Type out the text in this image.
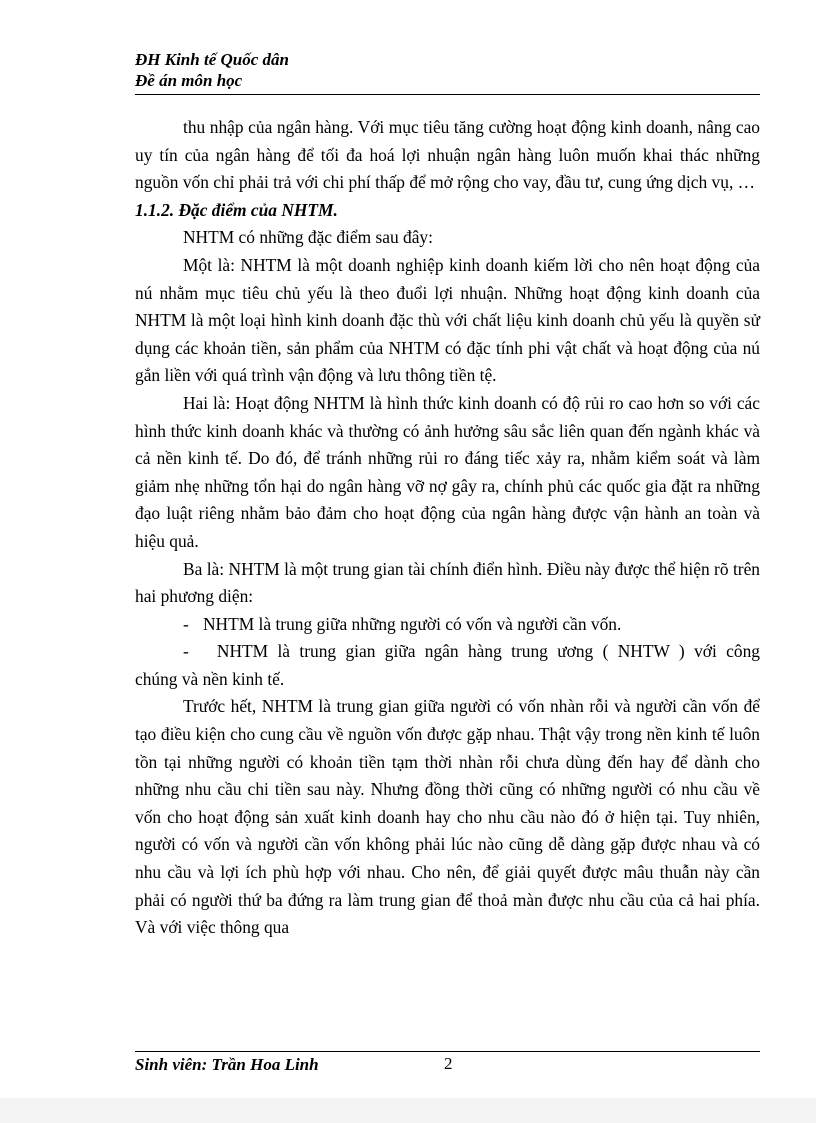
ĐH Kinh tế Quốc dân
Đề án môn học

thu nhập của ngân hàng. Với mục tiêu tăng cường hoạt động kinh doanh, nâng cao uy tín của ngân hàng để tối đa hoá lợi nhuận ngân hàng luôn muốn khai thác những nguồn vốn chỉ phải trả với chi phí thấp để mở rộng cho vay, đầu tư, cung ứng dịch vụ, …

1.1.2. Đặc điểm của NHTM.

NHTM có những đặc điểm sau đây:

Một là: NHTM là một doanh nghiệp kinh doanh kiếm lời cho nên hoạt động của nú nhằm mục tiêu chủ yếu là theo đuổi lợi nhuận. Những hoạt động kinh doanh của NHTM là một loại hình kinh doanh đặc thù với chất liệu kinh doanh chủ yếu là quyền sử dụng các khoản tiền, sản phẩm của NHTM có đặc tính phi vật chất và hoạt động của nú gắn liền với quá trình vận động và lưu thông tiền tệ.

Hai là: Hoạt động NHTM là hình thức kinh doanh có độ rủi ro cao hơn so với các hình thức kinh doanh khác và thường có ảnh hưởng sâu sắc liên quan đến ngành khác và cả nền kinh tế. Do đó, để tránh những rủi ro đáng tiếc xảy ra, nhằm kiểm soát và làm giảm nhẹ những tổn hại do ngân hàng vỡ nợ gây ra, chính phủ các quốc gia đặt ra những đạo luật riêng nhằm bảo đảm cho hoạt động của ngân hàng được vận hành an toàn và hiệu quả.

Ba là: NHTM là một trung gian tài chính điển hình. Điều này được thể hiện rõ trên hai phương diện:

- NHTM là trung giữa những người có vốn và người cần vốn.
- NHTM là trung gian giữa ngân hàng trung ương ( NHTW ) với công
chúng và nền kinh tế.

Trước hết, NHTM là trung gian giữa người có vốn nhàn rỗi và người cần vốn để tạo điều kiện cho cung cầu về nguồn vốn được gặp nhau. Thật vậy trong nền kinh tế luôn tồn tại những người có khoản tiền tạm thời nhàn rỗi chưa dùng đến hay để dành cho những nhu cầu chi tiền sau này. Nhưng đồng thời cũng có những người có nhu cầu về vốn cho hoạt động sản xuất kinh doanh hay cho nhu cầu nào đó ở hiện tại. Tuy nhiên, người có vốn và người cần vốn không phải lúc nào cũng dễ dàng gặp được nhau và có nhu cầu và lợi ích phù hợp với nhau. Cho nên, để giải quyết được mâu thuẫn này cần phải có người thứ ba đứng ra làm trung gian để thoả màn được nhu cầu của cả hai phía. Và với việc thông qua

Sinh viên: Trần Hoa Linh	2
